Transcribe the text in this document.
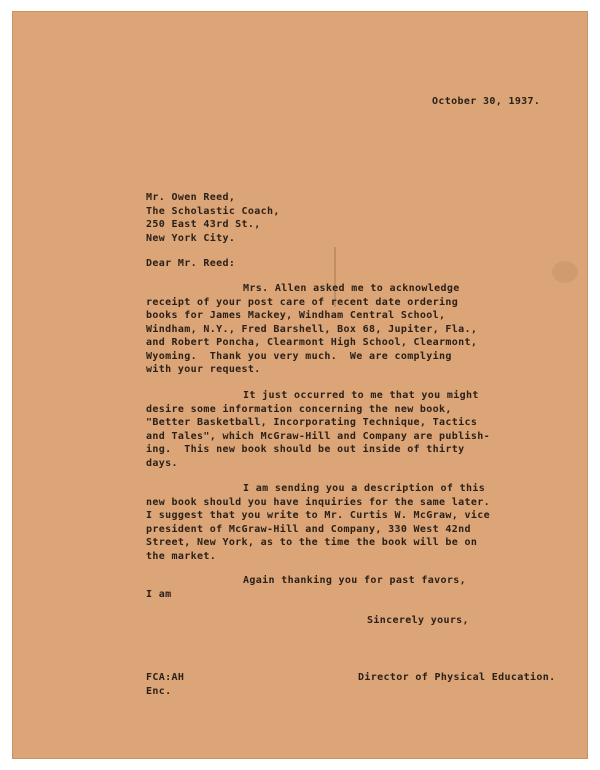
October 30, 1937.
Mr. Owen Reed,
The Scholastic Coach,
250 East 43rd St.,
New York City.
Dear Mr. Reed:
Mrs. Allen asked me to acknowledge
receipt of your post care of recent date ordering
books for James Mackey, Windham Central School,
Windham, N.Y., Fred Barshell, Box 68, Jupiter, Fla.,
and Robert Poncha, Clearmont High School, Clearmont,
Wyoming.  Thank you very much.  We are complying
with your request.
It just occurred to me that you might
desire some information concerning the new book,
"Better Basketball, Incorporating Technique, Tactics
and Tales", which McGraw-Hill and Company are publish-
ing.  This new book should be out inside of thirty
days.
I am sending you a description of this
new book should you have inquiries for the same later.
I suggest that you write to Mr. Curtis W. McGraw, vice
president of McGraw-Hill and Company, 330 West 42nd
Street, New York, as to the time the book will be on
the market.
Again thanking you for past favors,
I am
Sincerely yours,
FCA:AH
Enc.
Director of Physical Education.
